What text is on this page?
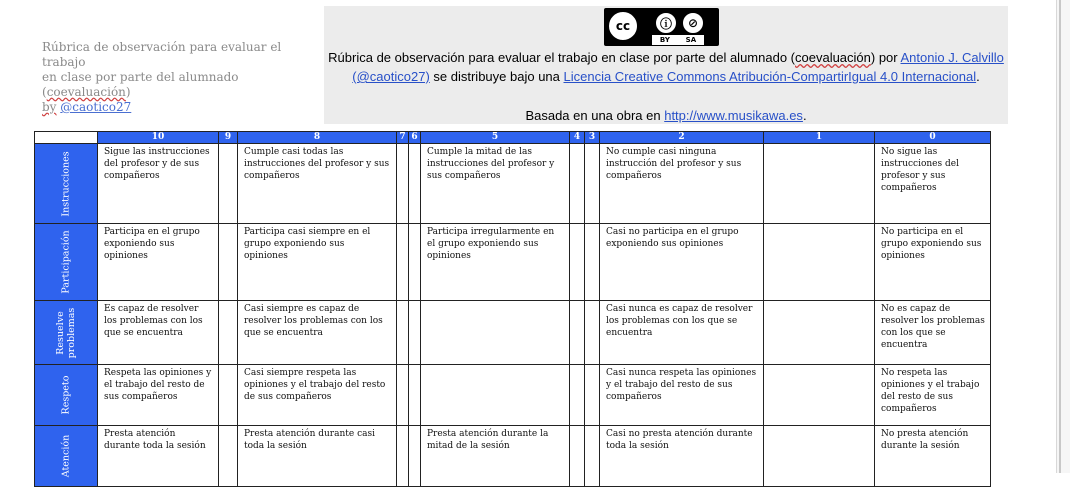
Rúbrica de observación para evaluar el trabajo
en clase por parte del alumnado (coevaluación)
by @caotico27
cc	ⓘ	⊘
BY SA
Rúbrica de observación para evaluar el trabajo en clase por parte del alumnado (coevaluación) por Antonio J. Calvillo (@caotico27) se distribuye bajo una Licencia Creative Commons Atribución-CompartirIgual 4.0 Internacional.
Basada en una obra en http://www.musikawa.es.
	10	9	8	7	6	5	4	3	2	1	0

Instrucciones	Sigue las instrucciones del profesor y de sus compañeros		Cumple casi todas las instrucciones del profesor y sus compañeros			Cumple la mitad de las instrucciones del profesor y sus compañeros			No cumple casi ninguna instrucción del profesor y sus compañeros		No sigue las instrucciones del profesor y sus compañeros

Participación	Participa en el grupo exponiendo sus opiniones		Participa casi siempre en el grupo exponiendo sus opiniones			Participa irregularmente en el grupo exponiendo sus opiniones			Casi no participa en el grupo exponiendo sus opiniones		No participa en el grupo exponiendo sus opiniones

Resuelve problemas	Es capaz de resolver los problemas con los que se encuentra		Casi siempre es capaz de resolver los problemas con los que se encuentra						Casi nunca es capaz de resolver los problemas con los que se encuentra		No es capaz de resolver los problemas con los que se encuentra

Respeto	Respeta las opiniones y el trabajo del resto de sus compañeros		Casi siempre respeta las opiniones y el trabajo del resto de sus compañeros						Casi nunca respeta las opiniones y el trabajo del resto de sus compañeros		No respeta las opiniones y el trabajo del resto de sus compañeros

Atención	Presta atención durante toda la sesión		Presta atención durante casi toda la sesión			Presta atención durante la mitad de la sesión			Casi no presta atención durante toda la sesión		No presta atención durante la sesión
